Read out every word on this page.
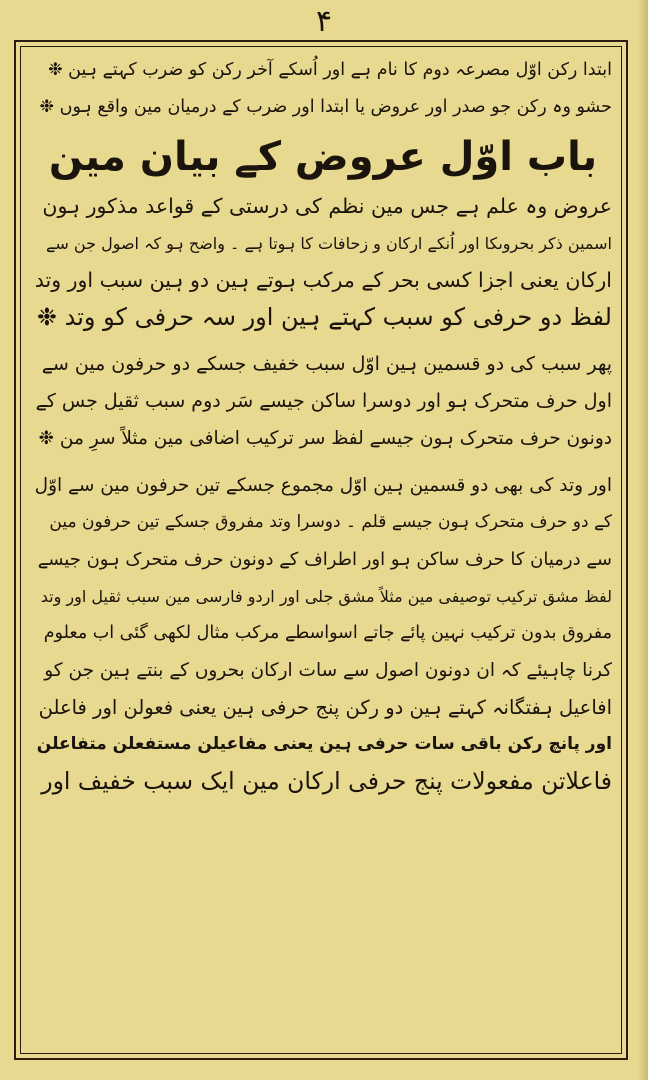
۴
ابتدا رکن اوّل مصرعہ دوم کا نام ہے اور اُسکے آخر رکن کو ضرب کہتے ہین ❉
حشو وہ رکن جو صدر اور عروض یا ابتدا اور ضرب کے درمیان مین واقع ہوں ❉
باب اوّل عروض کے بیان مین
عروض وہ علم ہے جس مین نظم کی درستی کے قواعد مذکور ہون
اسمین ذکر بحروںکا اور اُنکے ارکان و زحافات کا ہوتا ہے ۔ واضح ہو کہ اصول جن سے
ارکان یعنی اجزا کسی بحر کے مرکب ہوتے ہین دو ہین سبب اور وتد
لفظ دو حرفی کو سبب کہتے ہین اور سہ حرفی کو وتد ❉
پھر سبب کی دو قسمین ہین اوّل سبب خفیف جسکے دو حرفون مین سے
اول حرف متحرک ہو اور دوسرا ساکن جیسے سَر دوم سبب ثقیل جس کے
دونون حرف متحرک ہون جیسے لفظ سر ترکیب اضافی مین مثلاً سرِ من ❉
اور وتد کی بھی دو قسمین ہین اوّل مجموع جسکے تین حرفون مین سے اوّل
کے دو حرف متحرک ہون جیسے قلم ۔ دوسرا وتد مفروق جسکے تین حرفون مین
سے درمیان کا حرف ساکن ہو اور اطراف کے دونون حرف متحرک ہون جیسے
لفظ مشق ترکیب توصیفی مین مثلاً مشق جلی اور اردو فارسی مین سبب ثقیل اور وتد
مفروق بدون ترکیب نہین پائے جاتے اسواسطے مرکب مثال لکھی گئی اب معلوم
کرنا چاہیئے کہ ان دونون اصول سے سات ارکان بحروں کے بنتے ہین جن کو
افاعیل ہفتگانہ کہتے ہین دو رکن پنج حرفی ہین یعنی فعولن اور فاعلن
اور پانچ رکن باقی سات حرفی ہین یعنی مفاعیلن مستفعلن متفاعلن
فاعلاتن مفعولات پنج حرفی ارکان مین ایک سبب خفیف اور
